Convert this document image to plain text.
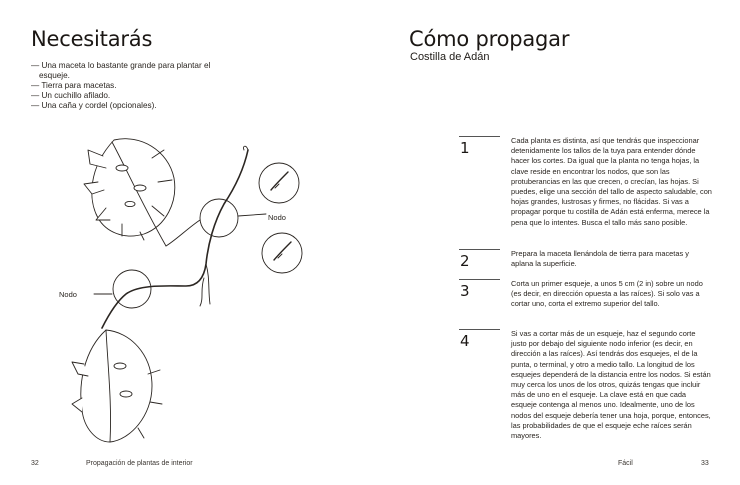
Necesitarás
— Una maceta lo bastante grande para plantar el esqueje.
— Tierra para macetas.
— Un cuchillo afilado.
— Una caña y cordel (opcionales).
Nodo
Nodo
32	Propagación de plantas de interior
Cómo propagar
Costilla de Adán
1	Cada planta es distinta, así que tendrás que inspeccionar detenidamente los tallos de la tuya para entender dónde hacer los cortes. Da igual que la planta no tenga hojas, la clave reside en encontrar los nodos, que son las protuberancias en las que crecen, o crecían, las hojas. Si puedes, elige una sección del tallo de aspecto saludable, con hojas grandes, lustrosas y firmes, no flácidas. Si vas a propagar porque tu costilla de Adán está enferma, merece la pena que lo intentes. Busca el tallo más sano posible.

2	Prepara la maceta llenándola de tierra para macetas y aplana la superficie.

3	Corta un primer esqueje, a unos 5 cm (2 in) sobre un nodo (es decir, en dirección opuesta a las raíces). Si solo vas a cortar uno, corta el extremo superior del tallo.

4	Si vas a cortar más de un esqueje, haz el segundo corte justo por debajo del siguiente nodo inferior (es decir, en dirección a las raíces). Así tendrás dos esquejes, el de la punta, o terminal, y otro a medio tallo. La longitud de los esquejes dependerá de la distancia entre los nodos. Si están muy cerca los unos de los otros, quizás tengas que incluir más de uno en el esqueje. La clave está en que cada esqueje contenga al menos uno. Idealmente, uno de los nodos del esqueje debería tener una hoja, porque, entonces, las probabilidades de que el esqueje eche raíces serán mayores.

Fácil	33
